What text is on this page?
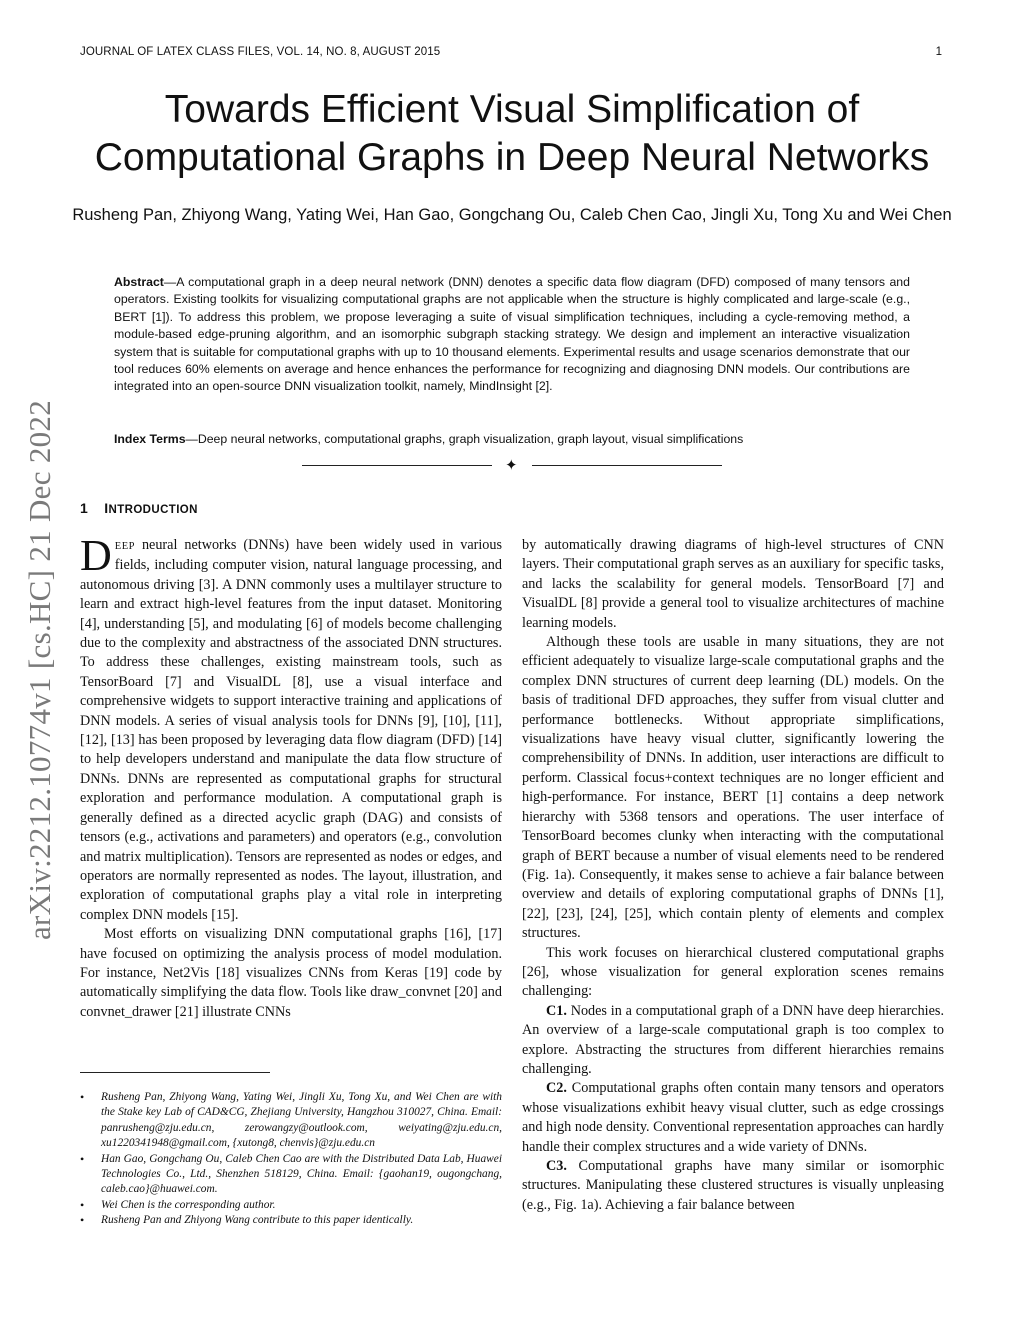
JOURNAL OF LATEX CLASS FILES, VOL. 14, NO. 8, AUGUST 2015	1
arXiv:2212.10774v1 [cs.HC] 21 Dec 2022
Towards Efficient Visual Simplification of
Computational Graphs in Deep Neural Networks
Rusheng Pan, Zhiyong Wang, Yating Wei, Han Gao, Gongchang Ou, Caleb Chen Cao, Jingli Xu, Tong Xu and Wei Chen
Abstract—A computational graph in a deep neural network (DNN) denotes a specific data flow diagram (DFD) composed of many tensors and operators. Existing toolkits for visualizing computational graphs are not applicable when the structure is highly complicated and large-scale (e.g., BERT [1]). To address this problem, we propose leveraging a suite of visual simplification techniques, including a cycle-removing method, a module-based edge-pruning algorithm, and an isomorphic subgraph stacking strategy. We design and implement an interactive visualization system that is suitable for computational graphs with up to 10 thousand elements. Experimental results and usage scenarios demonstrate that our tool reduces 60% elements on average and hence enhances the performance for recognizing and diagnosing DNN models. Our contributions are integrated into an open-source DNN visualization toolkit, namely, MindInsight [2].
Index Terms—Deep neural networks, computational graphs, graph visualization, graph layout, visual simplifications
✦
1 INTRODUCTION

DEEP neural networks (DNNs) have been widely used in various fields, including computer vision, natural language processing, and autonomous driving [3]. A DNN commonly uses a multilayer structure to learn and extract high-level features from the input dataset. Monitoring [4], understanding [5], and modulating [6] of models become challenging due to the complexity and abstractness of the associated DNN structures. To address these challenges, existing mainstream tools, such as TensorBoard [7] and VisualDL [8], use a visual interface and comprehensive widgets to support interactive training and applications of DNN models. A series of visual analysis tools for DNNs [9], [10], [11], [12], [13] has been proposed by leveraging data flow diagram (DFD) [14] to help developers understand and manipulate the data flow structure of DNNs. DNNs are represented as computational graphs for structural exploration and performance modulation. A computational graph is generally defined as a directed acyclic graph (DAG) and consists of tensors (e.g., activations and parameters) and operators (e.g., convolution and matrix multiplication). Tensors are represented as nodes or edges, and operators are normally represented as nodes. The layout, illustration, and exploration of computational graphs play a vital role in interpreting complex DNN models [15].

Most efforts on visualizing DNN computational graphs [16], [17] have focused on optimizing the analysis process of model modulation. For instance, Net2Vis [18] visualizes CNNs from Keras [19] code by automatically simplifying the data flow. Tools like draw_convnet [20] and convnet_drawer [21] illustrate CNNs

• Rusheng Pan, Zhiyong Wang, Yating Wei, Jingli Xu, Tong Xu, and Wei Chen are with the Stake key Lab of CAD&CG, Zhejiang University, Hangzhou 310027, China. Email: panrusheng@zju.edu.cn, zerowangzy@outlook.com, weiyating@zju.edu.cn, xu1220341948@gmail.com, {xutong8, chenvis}@zju.edu.cn
• Han Gao, Gongchang Ou, Caleb Chen Cao are with the Distributed Data Lab, Huawei Technologies Co., Ltd., Shenzhen 518129, China. Email: {gaohan19, ougongchang, caleb.cao}@huawei.com.
• Wei Chen is the corresponding author.
• Rusheng Pan and Zhiyong Wang contribute to this paper identically.

by automatically drawing diagrams of high-level structures of CNN layers. Their computational graph serves as an auxiliary for specific tasks, and lacks the scalability for general models. TensorBoard [7] and VisualDL [8] provide a general tool to visualize architectures of machine learning models.

Although these tools are usable in many situations, they are not efficient adequately to visualize large-scale computational graphs and the complex DNN structures of current deep learning (DL) models. On the basis of traditional DFD approaches, they suffer from visual clutter and performance bottlenecks. Without appropriate simplifications, visualizations have heavy visual clutter, significantly lowering the comprehensibility of DNNs. In addition, user interactions are difficult to perform. Classical focus+context techniques are no longer efficient and high-performance. For instance, BERT [1] contains a deep network hierarchy with 5368 tensors and operations. The user interface of TensorBoard becomes clunky when interacting with the computational graph of BERT because a number of visual elements need to be rendered (Fig. 1a). Consequently, it makes sense to achieve a fair balance between overview and details of exploring computational graphs of DNNs [1], [22], [23], [24], [25], which contain plenty of elements and complex structures.

This work focuses on hierarchical clustered computational graphs [26], whose visualization for general exploration scenes remains challenging:

C1. Nodes in a computational graph of a DNN have deep hierarchies. An overview of a large-scale computational graph is too complex to explore. Abstracting the structures from different hierarchies remains challenging.

C2. Computational graphs often contain many tensors and operators whose visualizations exhibit heavy visual clutter, such as edge crossings and high node density. Conventional representation approaches can hardly handle their complex structures and a wide variety of DNNs.

C3. Computational graphs have many similar or isomorphic structures. Manipulating these clustered structures is visually unpleasing (e.g., Fig. 1a). Achieving a fair balance between
